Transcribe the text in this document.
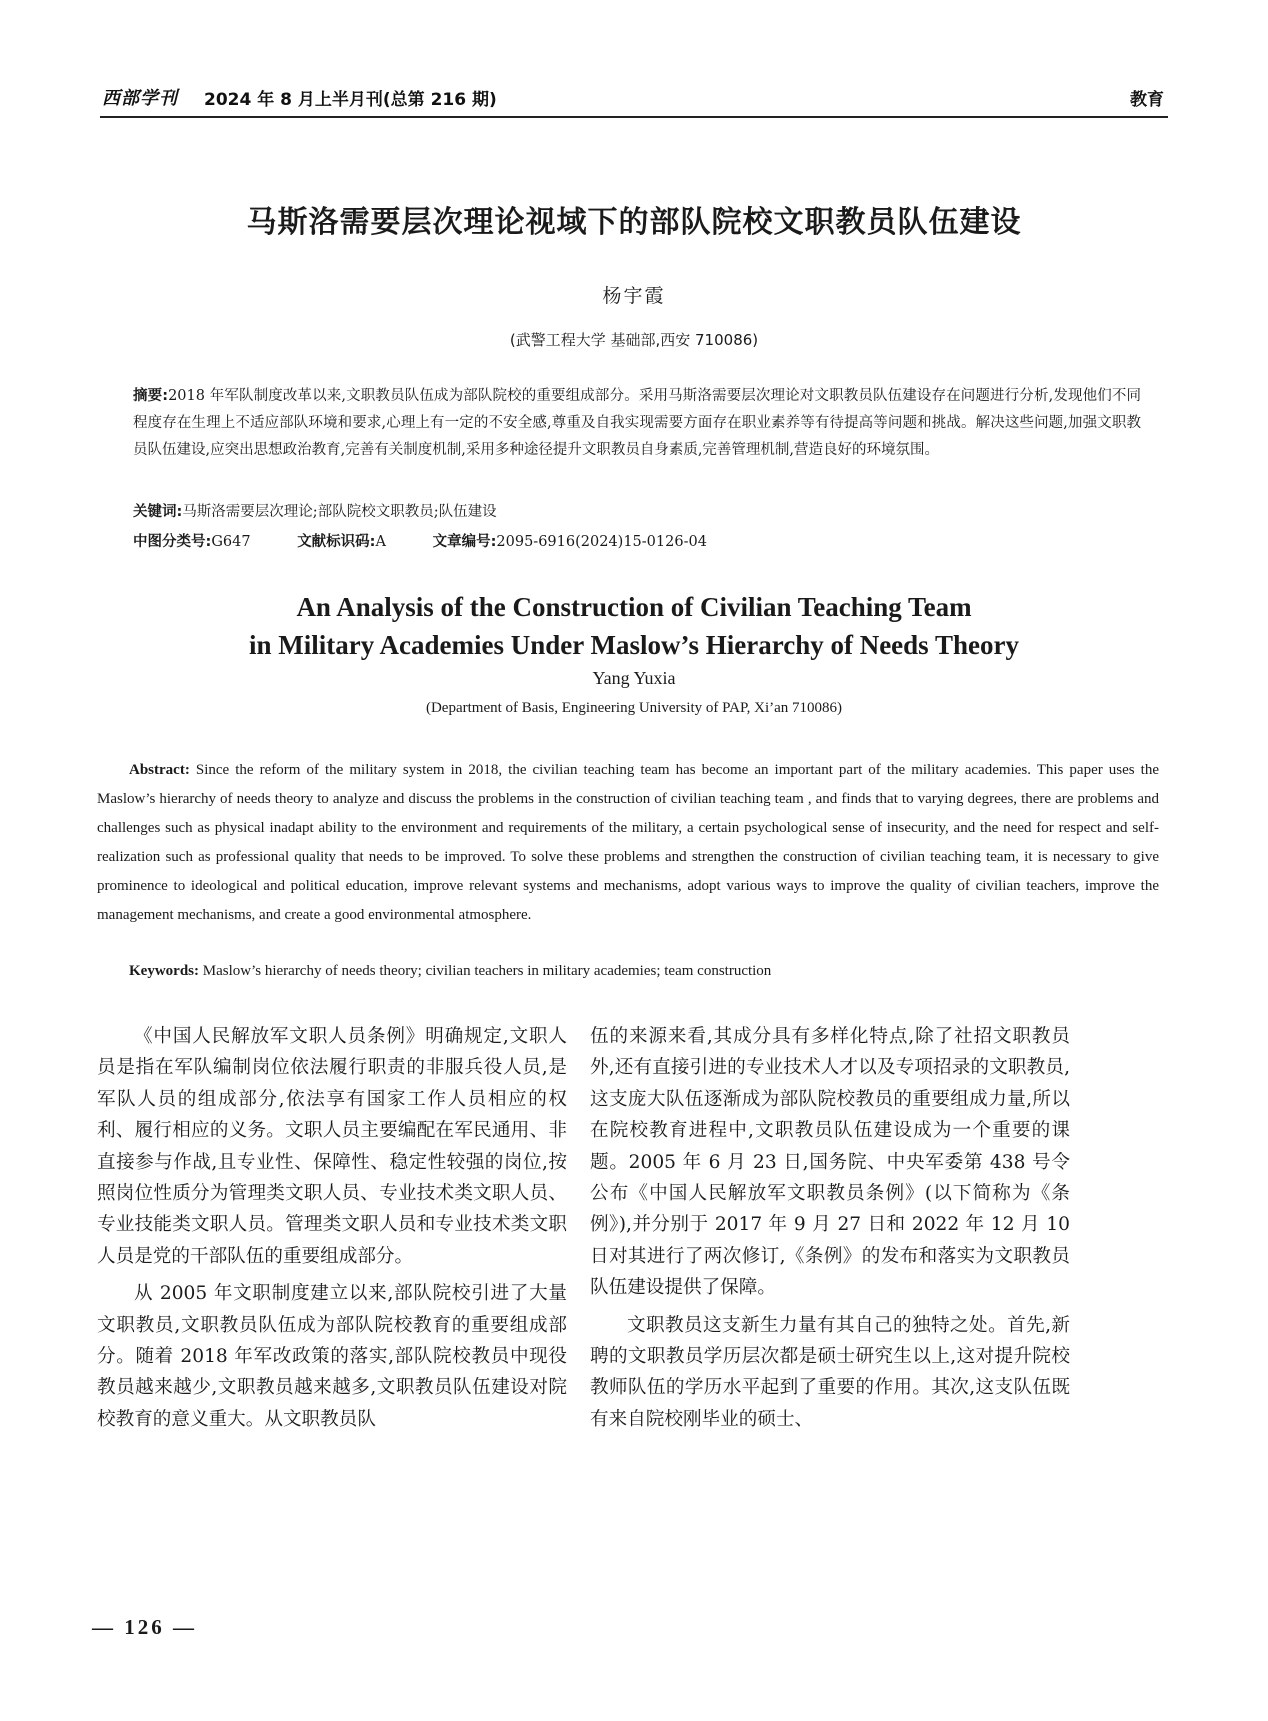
西部学刊 2024 年 8 月上半月刊(总第 216 期)	教育
马斯洛需要层次理论视域下的部队院校文职教员队伍建设
杨宇霞
(武警工程大学 基础部,西安 710086)
摘要:2018 年军队制度改革以来,文职教员队伍成为部队院校的重要组成部分。采用马斯洛需要层次理论对文职教员队伍建设存在问题进行分析,发现他们不同程度存在生理上不适应部队环境和要求,心理上有一定的不安全感,尊重及自我实现需要方面存在职业素养等有待提高等问题和挑战。解决这些问题,加强文职教员队伍建设,应突出思想政治教育,完善有关制度机制,采用多种途径提升文职教员自身素质,完善管理机制,营造良好的环境氛围。
关键词:马斯洛需要层次理论;部队院校文职教员;队伍建设
中图分类号:G647	文献标识码:A	文章编号:2095-6916(2024)15-0126-04
An Analysis of the Construction of Civilian Teaching Team
in Military Academies Under Maslow’s Hierarchy of Needs Theory
Yang Yuxia
(Department of Basis, Engineering University of PAP, Xi’an 710086)
Abstract: Since the reform of the military system in 2018, the civilian teaching team has become an important part of the military academies. This paper uses the Maslow’s hierarchy of needs theory to analyze and discuss the problems in the construction of civilian teaching team , and finds that to varying degrees, there are problems and challenges such as physical inadapt ability to the environment and requirements of the military, a certain psychological sense of insecurity, and the need for respect and self-realization such as professional quality that needs to be improved. To solve these problems and strengthen the construction of civilian teaching team, it is necessary to give prominence to ideological and political education, improve relevant systems and mechanisms, adopt various ways to improve the quality of civilian teachers, improve the management mechanisms, and create a good environmental atmosphere.
Keywords: Maslow’s hierarchy of needs theory; civilian teachers in military academies; team construction

《中国人民解放军文职人员条例》明确规定,文职人员是指在军队编制岗位依法履行职责的非服兵役人员,是军队人员的组成部分,依法享有国家工作人员相应的权利、履行相应的义务。文职人员主要编配在军民通用、非直接参与作战,且专业性、保障性、稳定性较强的岗位,按照岗位性质分为管理类文职人员、专业技术类文职人员、专业技能类文职人员。管理类文职人员和专业技术类文职人员是党的干部队伍的重要组成部分。

从 2005 年文职制度建立以来,部队院校引进了大量文职教员,文职教员队伍成为部队院校教育的重要组成部分。随着 2018 年军改政策的落实,部队院校教员中现役教员越来越少,文职教员越来越多,文职教员队伍建设对院校教育的意义重大。从文职教员队

伍的来源来看,其成分具有多样化特点,除了社招文职教员外,还有直接引进的专业技术人才以及专项招录的文职教员,这支庞大队伍逐渐成为部队院校教员的重要组成力量,所以在院校教育进程中,文职教员队伍建设成为一个重要的课题。2005 年 6 月 23 日,国务院、中央军委第 438 号令公布《中国人民解放军文职教员条例》(以下简称为《条例》),并分别于 2017 年 9 月 27 日和 2022 年 12 月 10 日对其进行了两次修订,《条例》的发布和落实为文职教员队伍建设提供了保障。

文职教员这支新生力量有其自己的独特之处。首先,新聘的文职教员学历层次都是硕士研究生以上,这对提升院校教师队伍的学历水平起到了重要的作用。其次,这支队伍既有来自院校刚毕业的硕士、

— 126 —
